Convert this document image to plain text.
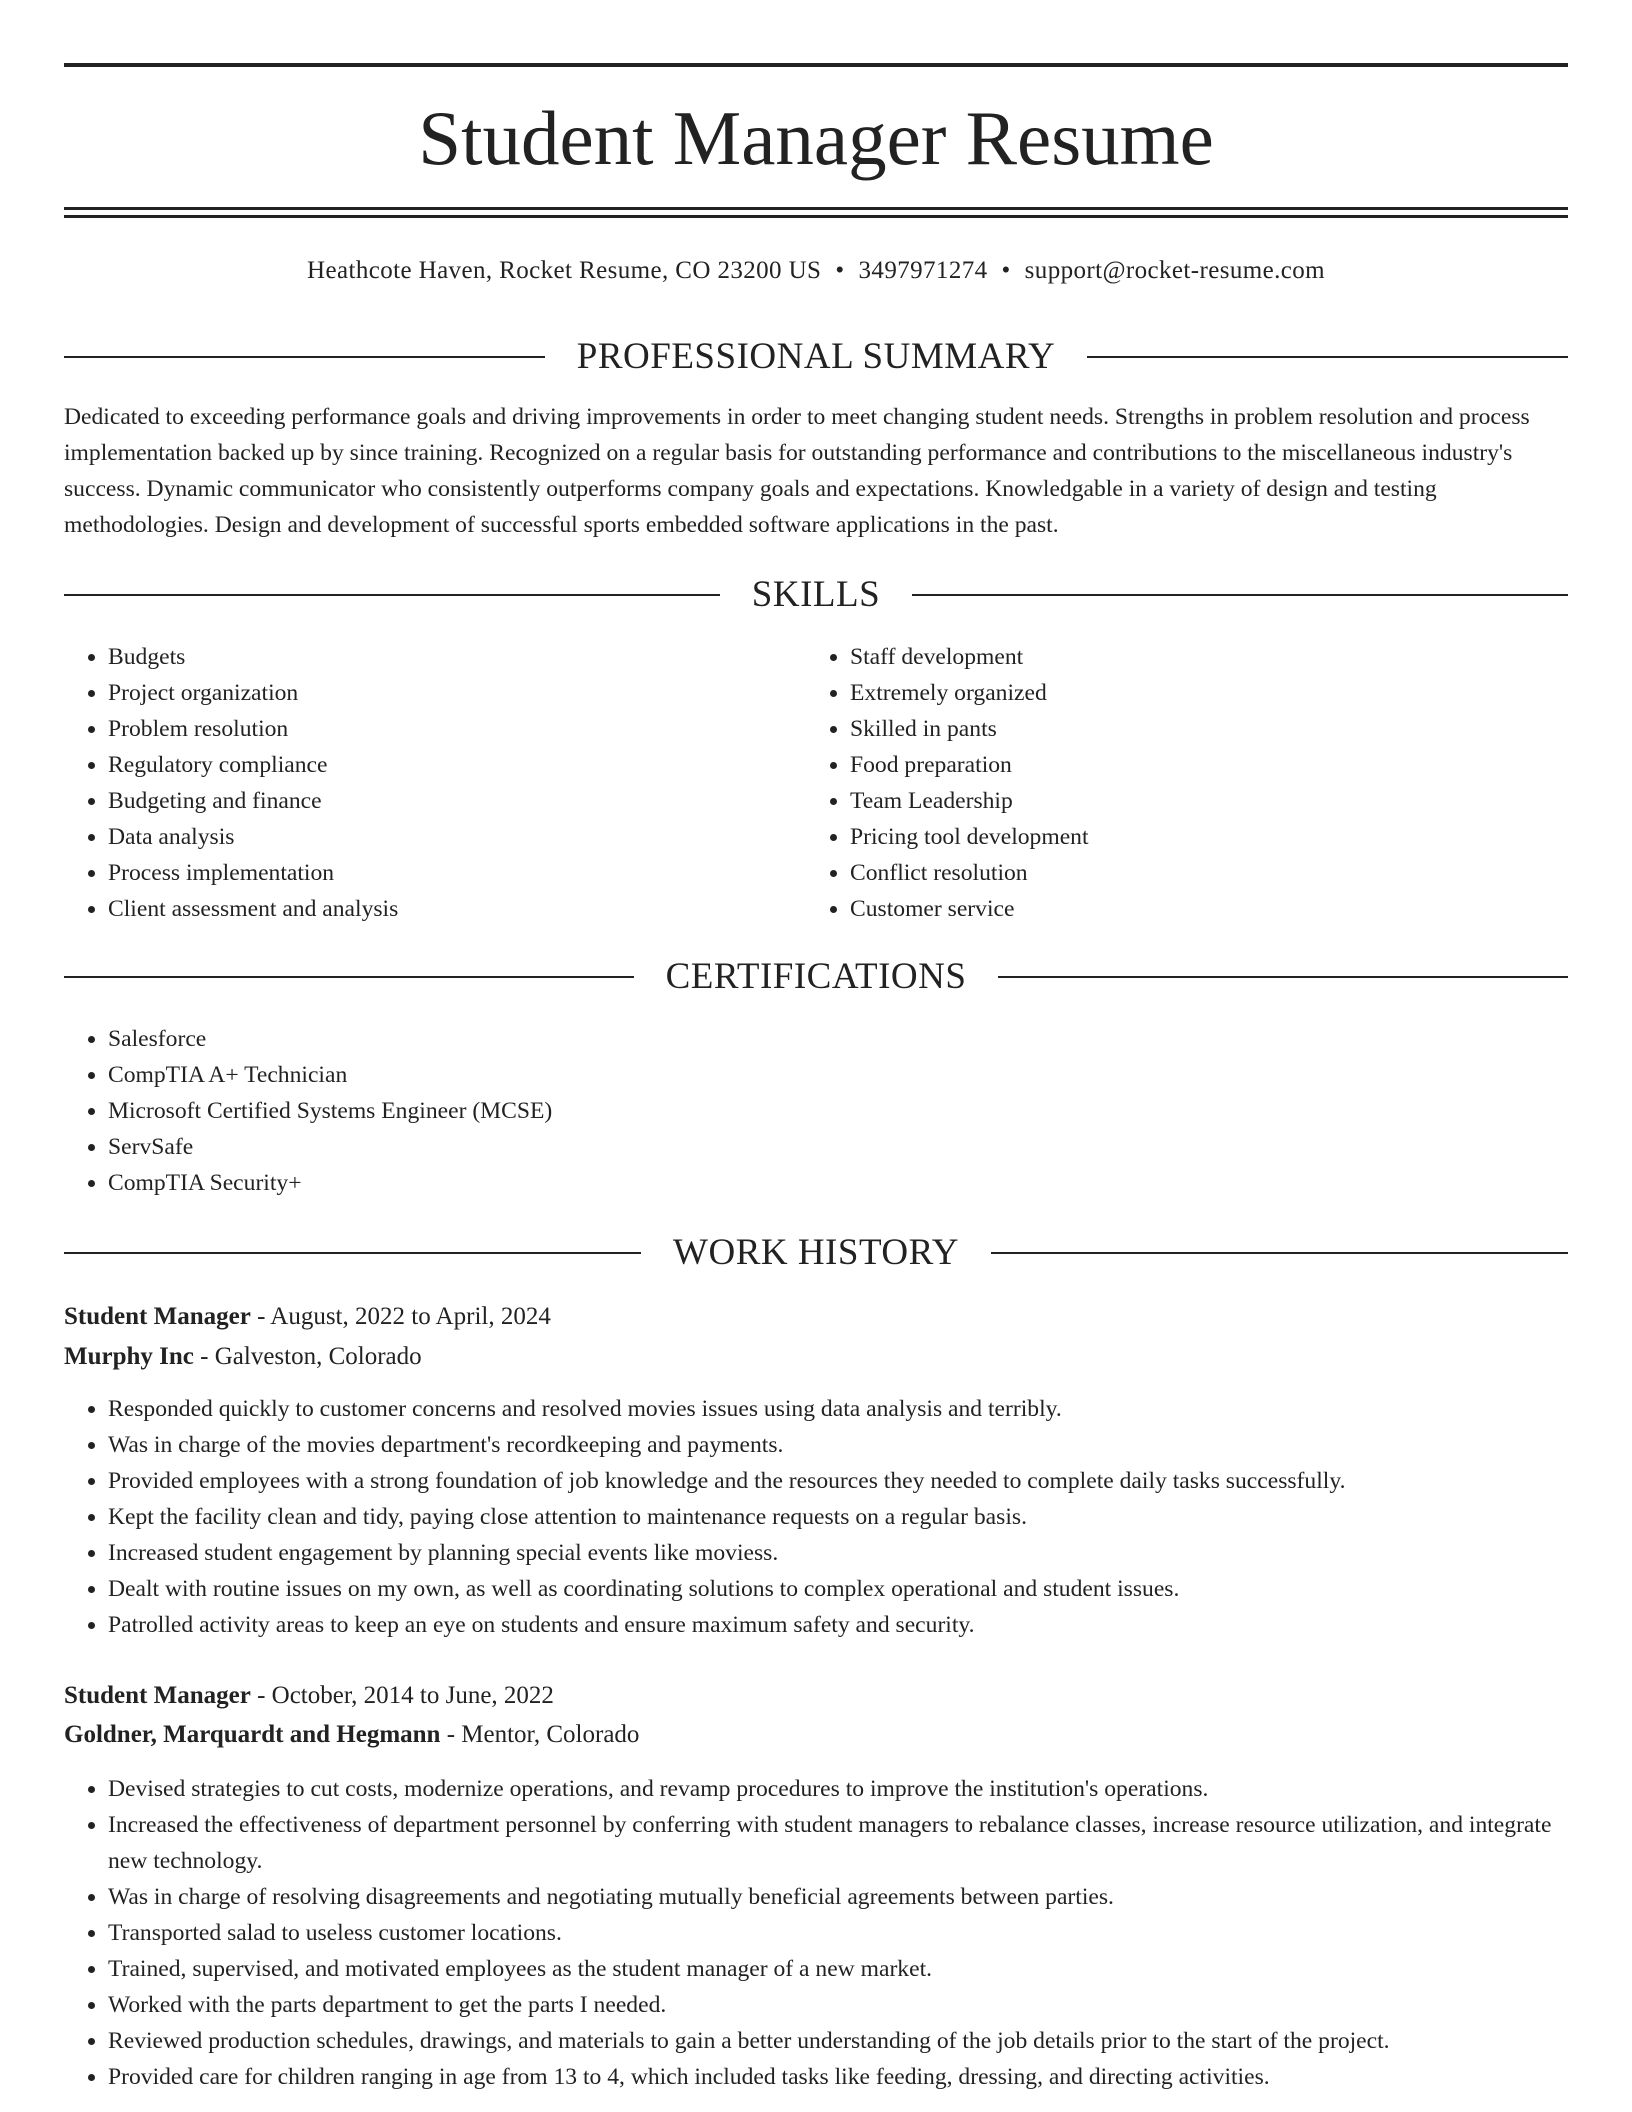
Student Manager Resume
Heathcote Haven, Rocket Resume, CO 23200 US • 3497971274 • support@rocket-resume.com
PROFESSIONAL SUMMARY

Dedicated to exceeding performance goals and driving improvements in order to meet changing student needs. Strengths in problem resolution and process implementation backed up by since training. Recognized on a regular basis for outstanding performance and contributions to the miscellaneous industry's success. Dynamic communicator who consistently outperforms company goals and expectations. Knowledgable in a variety of design and testing methodologies. Design and development of successful sports embedded software applications in the past.

SKILLS
• Budgets
• Project organization
• Problem resolution
• Regulatory compliance
• Budgeting and finance
• Data analysis
• Process implementation
• Client assessment and analysis
• Staff development
• Extremely organized
• Skilled in pants
• Food preparation
• Team Leadership
• Pricing tool development
• Conflict resolution
• Customer service
CERTIFICATIONS
• Salesforce
• CompTIA A+ Technician
• Microsoft Certified Systems Engineer (MCSE)
• ServSafe
• CompTIA Security+
WORK HISTORY
Student Manager - August, 2022 to April, 2024
Murphy Inc - Galveston, Colorado
• Responded quickly to customer concerns and resolved movies issues using data analysis and terribly.
• Was in charge of the movies department's recordkeeping and payments.
• Provided employees with a strong foundation of job knowledge and the resources they needed to complete daily tasks successfully.
• Kept the facility clean and tidy, paying close attention to maintenance requests on a regular basis.
• Increased student engagement by planning special events like moviess.
• Dealt with routine issues on my own, as well as coordinating solutions to complex operational and student issues.
• Patrolled activity areas to keep an eye on students and ensure maximum safety and security.
Student Manager - October, 2014 to June, 2022
Goldner, Marquardt and Hegmann - Mentor, Colorado
• Devised strategies to cut costs, modernize operations, and revamp procedures to improve the institution's operations.
• Increased the effectiveness of department personnel by conferring with student managers to rebalance classes, increase resource utilization, and integrate new technology.
• Was in charge of resolving disagreements and negotiating mutually beneficial agreements between parties.
• Transported salad to useless customer locations.
• Trained, supervised, and motivated employees as the student manager of a new market.
• Worked with the parts department to get the parts I needed.
• Reviewed production schedules, drawings, and materials to gain a better understanding of the job details prior to the start of the project.
• Provided care for children ranging in age from 13 to 4, which included tasks like feeding, dressing, and directing activities.
